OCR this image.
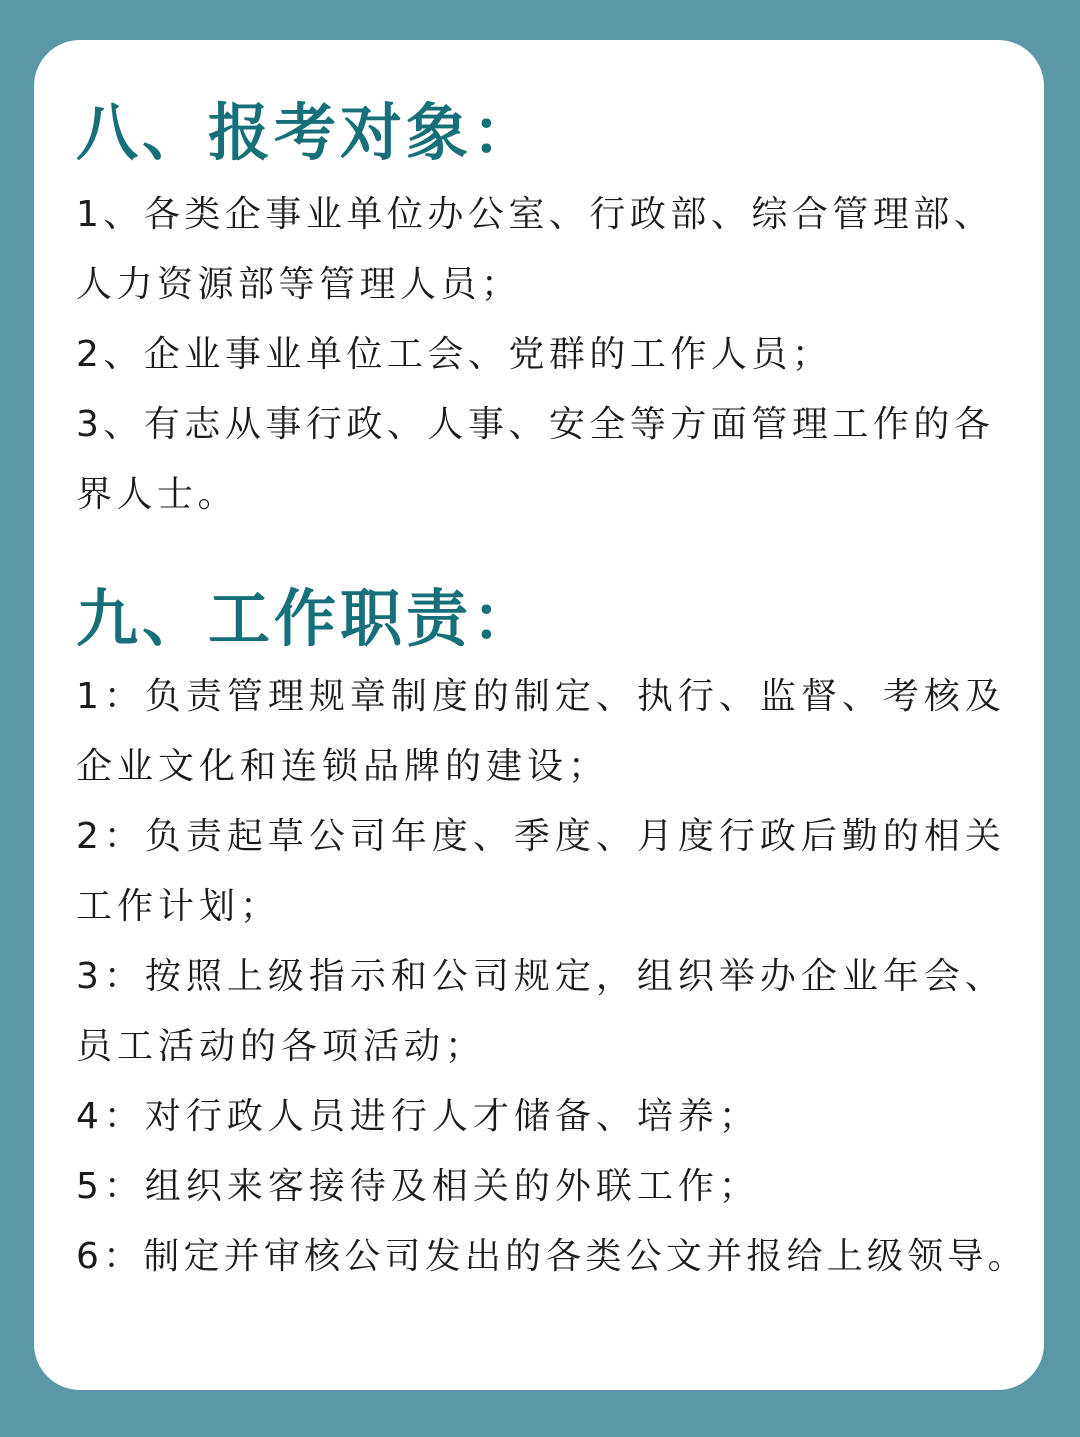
八、报考对象：
1、各类企事业单位办公室、行政部、综合管理部、人力资源部等管理人员；
2、企业事业单位工会、党群的工作人员；
3、有志从事行政、人事、安全等方面管理工作的各界人士。
九、工作职责：
1：负责管理规章制度的制定、执行、监督、考核及企业文化和连锁品牌的建设；
2：负责起草公司年度、季度、月度行政后勤的相关工作计划；
3：按照上级指示和公司规定，组织举办企业年会、员工活动的各项活动；
4：对行政人员进行人才储备、培养；
5：组织来客接待及相关的外联工作；
6：制定并审核公司发出的各类公文并报给上级领导。
